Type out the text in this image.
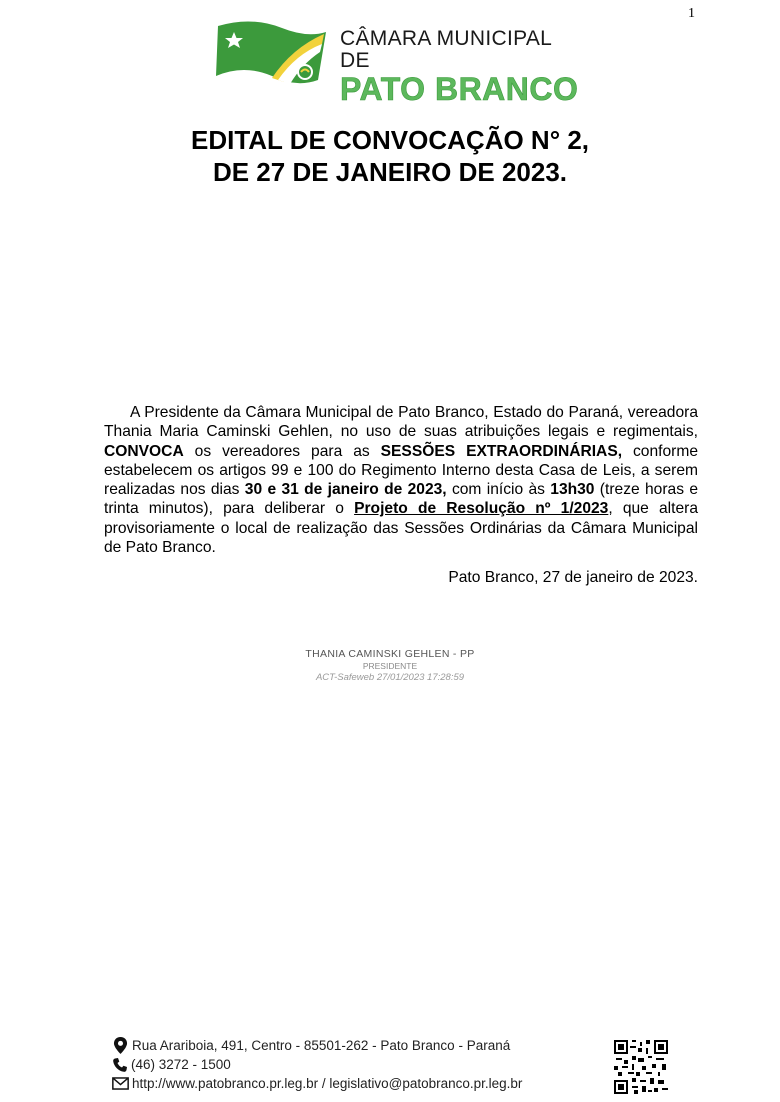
1
CÂMARA MUNICIPAL DE
PATO BRANCO
EDITAL DE CONVOCAÇÃO N° 2,
DE 27 DE JANEIRO DE 2023.
A Presidente da Câmara Municipal de Pato Branco, Estado do Paraná, vereadora Thania Maria Caminski Gehlen, no uso de suas atribuições legais e regimentais, CONVOCA os vereadores para as SESSÕES EXTRAORDINÁRIAS, conforme estabelecem os artigos 99 e 100 do Regimento Interno desta Casa de Leis, a serem realizadas nos dias 30 e 31 de janeiro de 2023, com início às 13h30 (treze horas e trinta minutos), para deliberar o Projeto de Resolução nº 1/2023, que altera provisoriamente o local de realização das Sessões Ordinárias da Câmara Municipal de Pato Branco.
Pato Branco, 27 de janeiro de 2023.
THANIA CAMINSKI GEHLEN - PP
PRESIDENTE
ACT-Safeweb 27/01/2023 17:28:59
Rua Arariboia, 491, Centro - 85501-262 - Pato Branco - Paraná
(46) 3272 - 1500
http://www.patobranco.pr.leg.br / legislativo@patobranco.pr.leg.br
